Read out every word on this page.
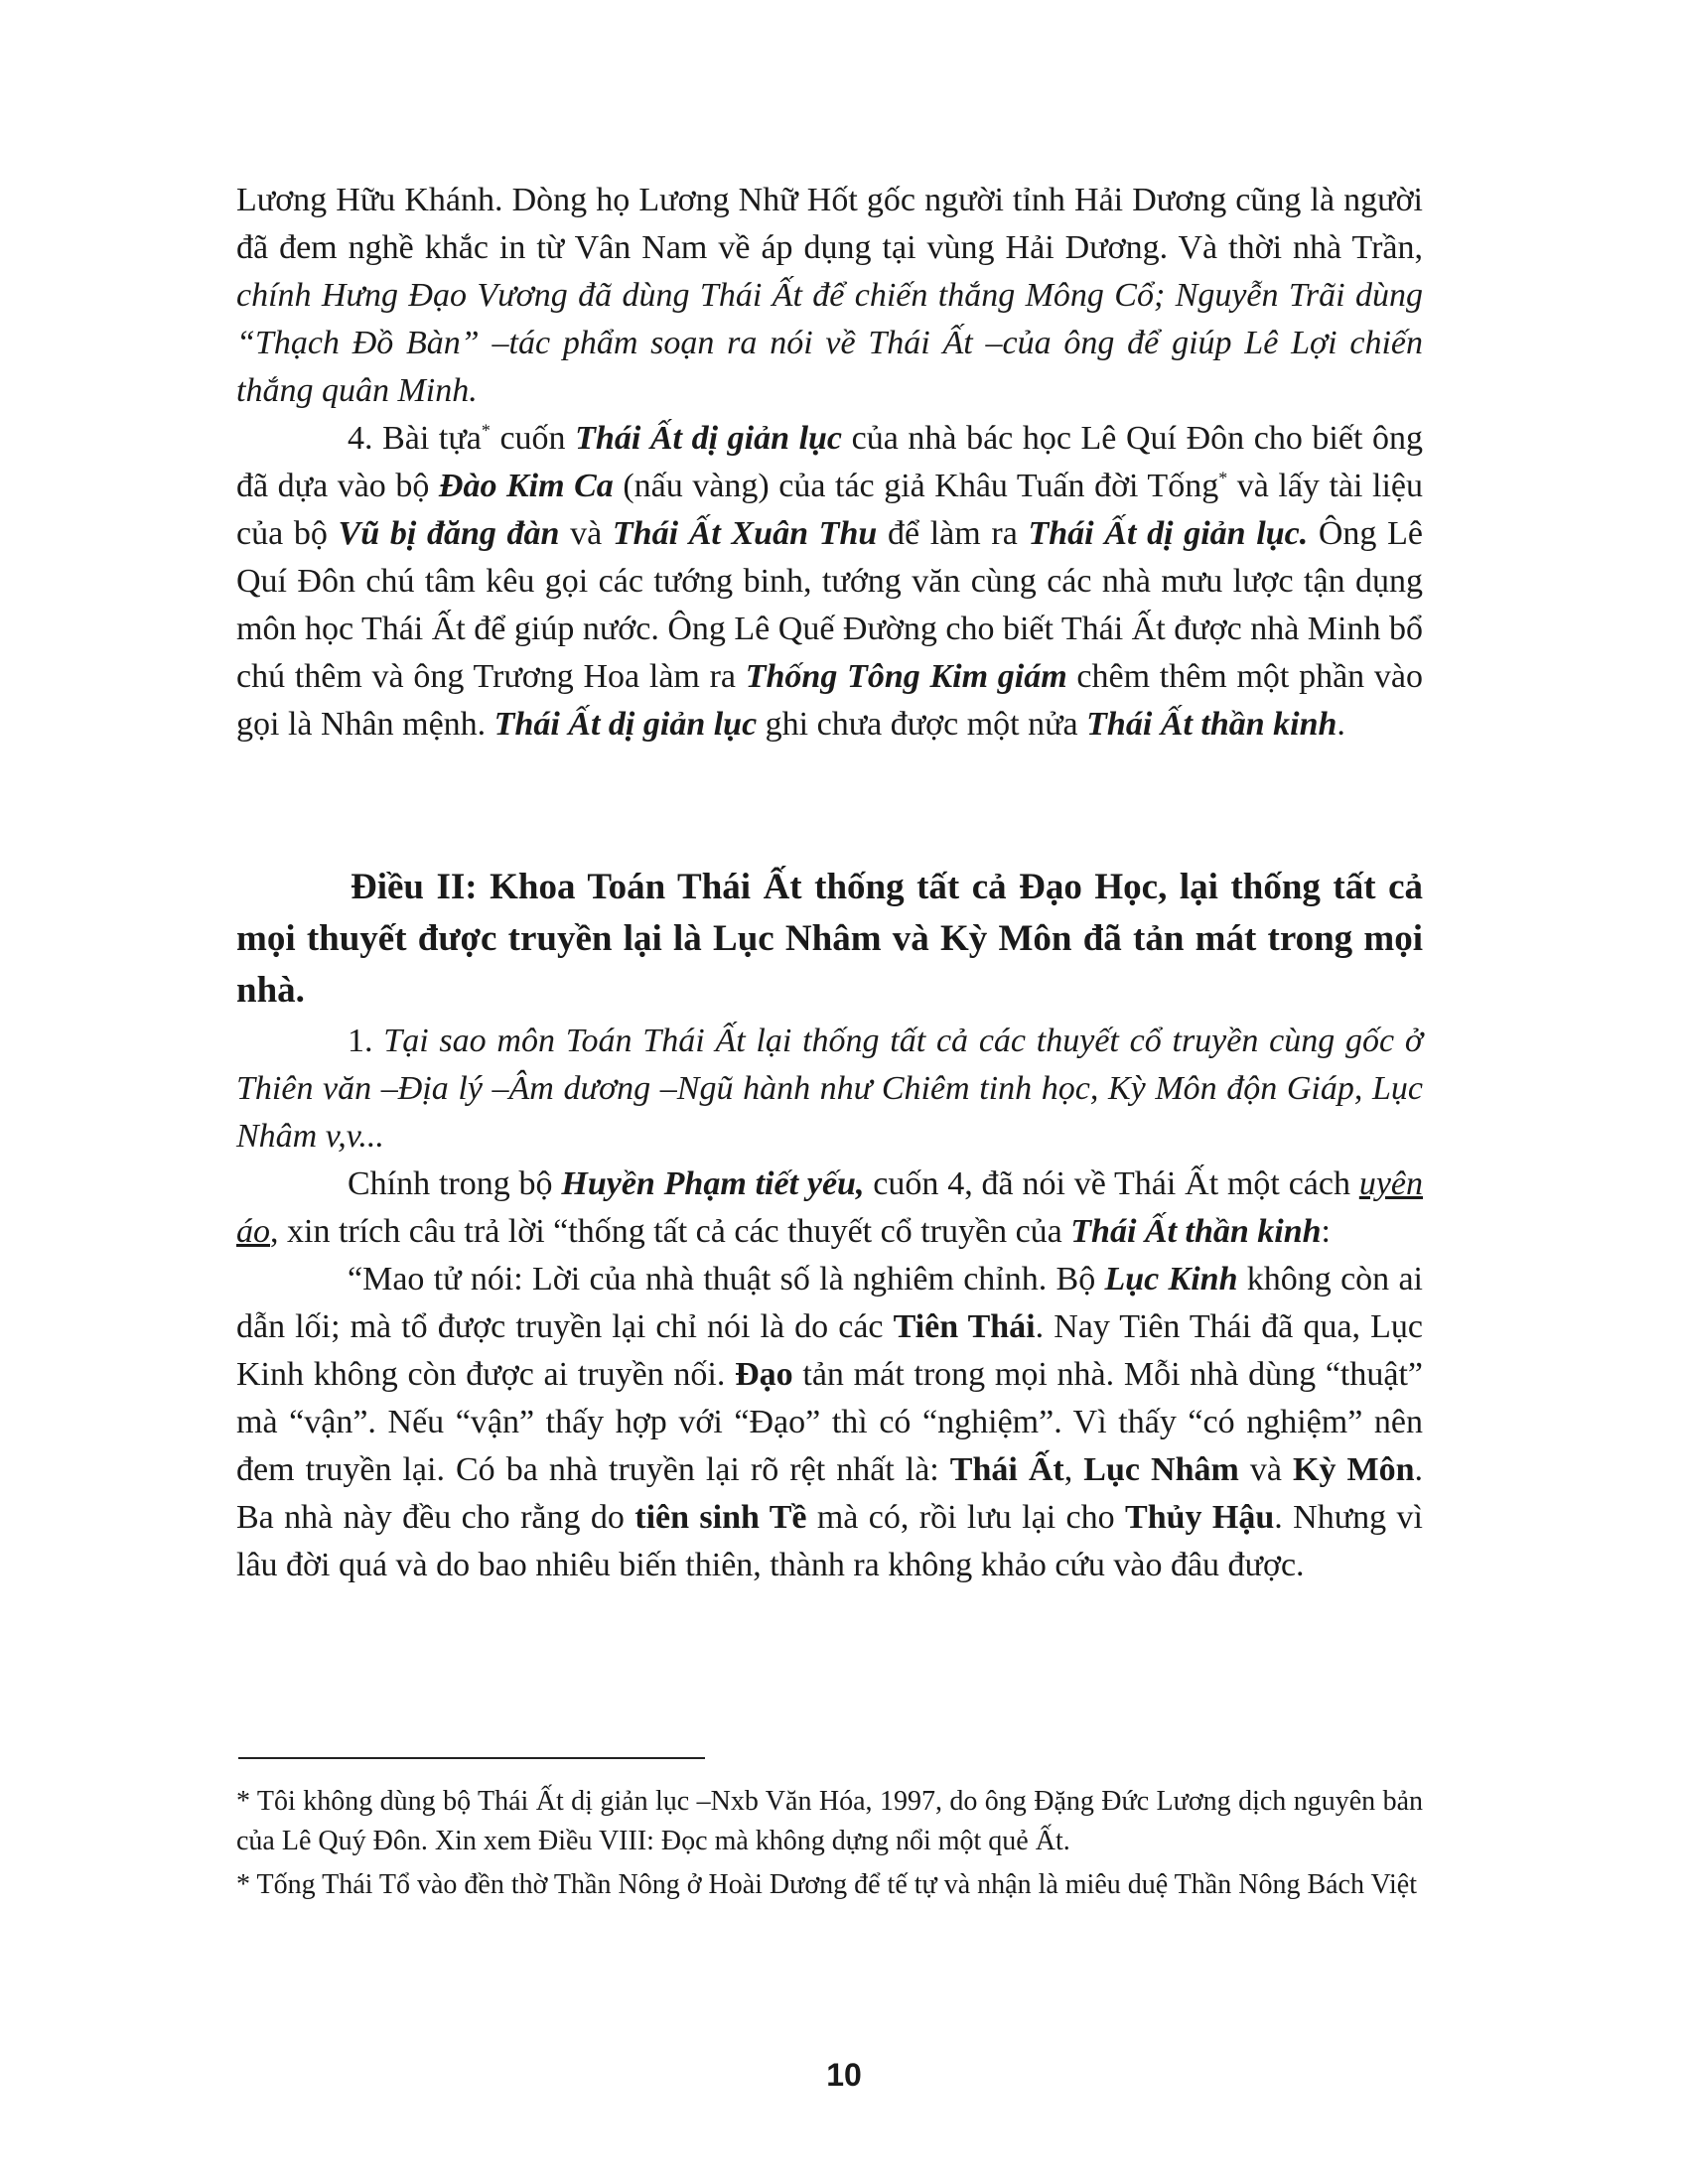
Lương Hữu Khánh. Dòng họ Lương Nhữ Hốt gốc người tỉnh Hải Dương cũng là người đã đem nghề khắc in từ Vân Nam về áp dụng tại vùng Hải Dương. Và thời nhà Trần, chính Hưng Đạo Vương đã dùng Thái Ất để chiến thắng Mông Cổ; Nguyễn Trãi dùng “Thạch Đồ Bàn” –tác phẩm soạn ra nói về Thái Ất –của ông để giúp Lê Lợi chiến thắng quân Minh.

4. Bài tựa* cuốn Thái Ất dị giản lục của nhà bác học Lê Quí Đôn cho biết ông đã dựa vào bộ Đào Kim Ca (nấu vàng) của tác giả Khâu Tuấn đời Tống* và lấy tài liệu của bộ Vũ bị đăng đàn và Thái Ất Xuân Thu để làm ra Thái Ất dị giản lục. Ông Lê Quí Đôn chú tâm kêu gọi các tướng binh, tướng văn cùng các nhà mưu lược tận dụng môn học Thái Ất để giúp nước. Ông Lê Quế Đường cho biết Thái Ất được nhà Minh bổ chú thêm và ông Trương Hoa làm ra Thống Tông Kim giám chêm thêm một phần vào gọi là Nhân mệnh. Thái Ất dị giản lục ghi chưa được một nửa Thái Ất thần kinh.

Điều II: Khoa Toán Thái Ất thống tất cả Đạo Học, lại thống tất cả mọi thuyết được truyền lại là Lục Nhâm và Kỳ Môn đã tản mát trong mọi nhà.

1. Tại sao môn Toán Thái Ất lại thống tất cả các thuyết cổ truyền cùng gốc ở Thiên văn –Địa lý –Âm dương –Ngũ hành như Chiêm tinh học, Kỳ Môn độn Giáp, Lục Nhâm v,v...

Chính trong bộ Huyền Phạm tiết yếu, cuốn 4, đã nói về Thái Ất một cách uyên áo, xin trích câu trả lời “thống tất cả các thuyết cổ truyền của Thái Ất thần kinh:

“Mao tử nói: Lời của nhà thuật số là nghiêm chỉnh. Bộ Lục Kinh không còn ai dẫn lối; mà tổ được truyền lại chỉ nói là do các Tiên Thái. Nay Tiên Thái đã qua, Lục Kinh không còn được ai truyền nối. Đạo tản mát trong mọi nhà. Mỗi nhà dùng “thuật” mà “vận”. Nếu “vận” thấy hợp với “Đạo” thì có “nghiệm”. Vì thấy “có nghiệm” nên đem truyền lại. Có ba nhà truyền lại rõ rệt nhất là: Thái Ất, Lục Nhâm và Kỳ Môn. Ba nhà này đều cho rằng do tiên sinh Tề mà có, rồi lưu lại cho Thủy Hậu. Nhưng vì lâu đời quá và do bao nhiêu biến thiên, thành ra không khảo cứu vào đâu được.

* Tôi không dùng bộ Thái Ất dị giản lục –Nxb Văn Hóa, 1997, do ông Đặng Đức Lương dịch nguyên bản của Lê Quý Đôn. Xin xem Điều VIII: Đọc mà không dựng nổi một quẻ Ất.

* Tống Thái Tổ vào đền thờ Thần Nông ở Hoài Dương để tế tự và nhận là miêu duệ Thần Nông Bách Việt

10
